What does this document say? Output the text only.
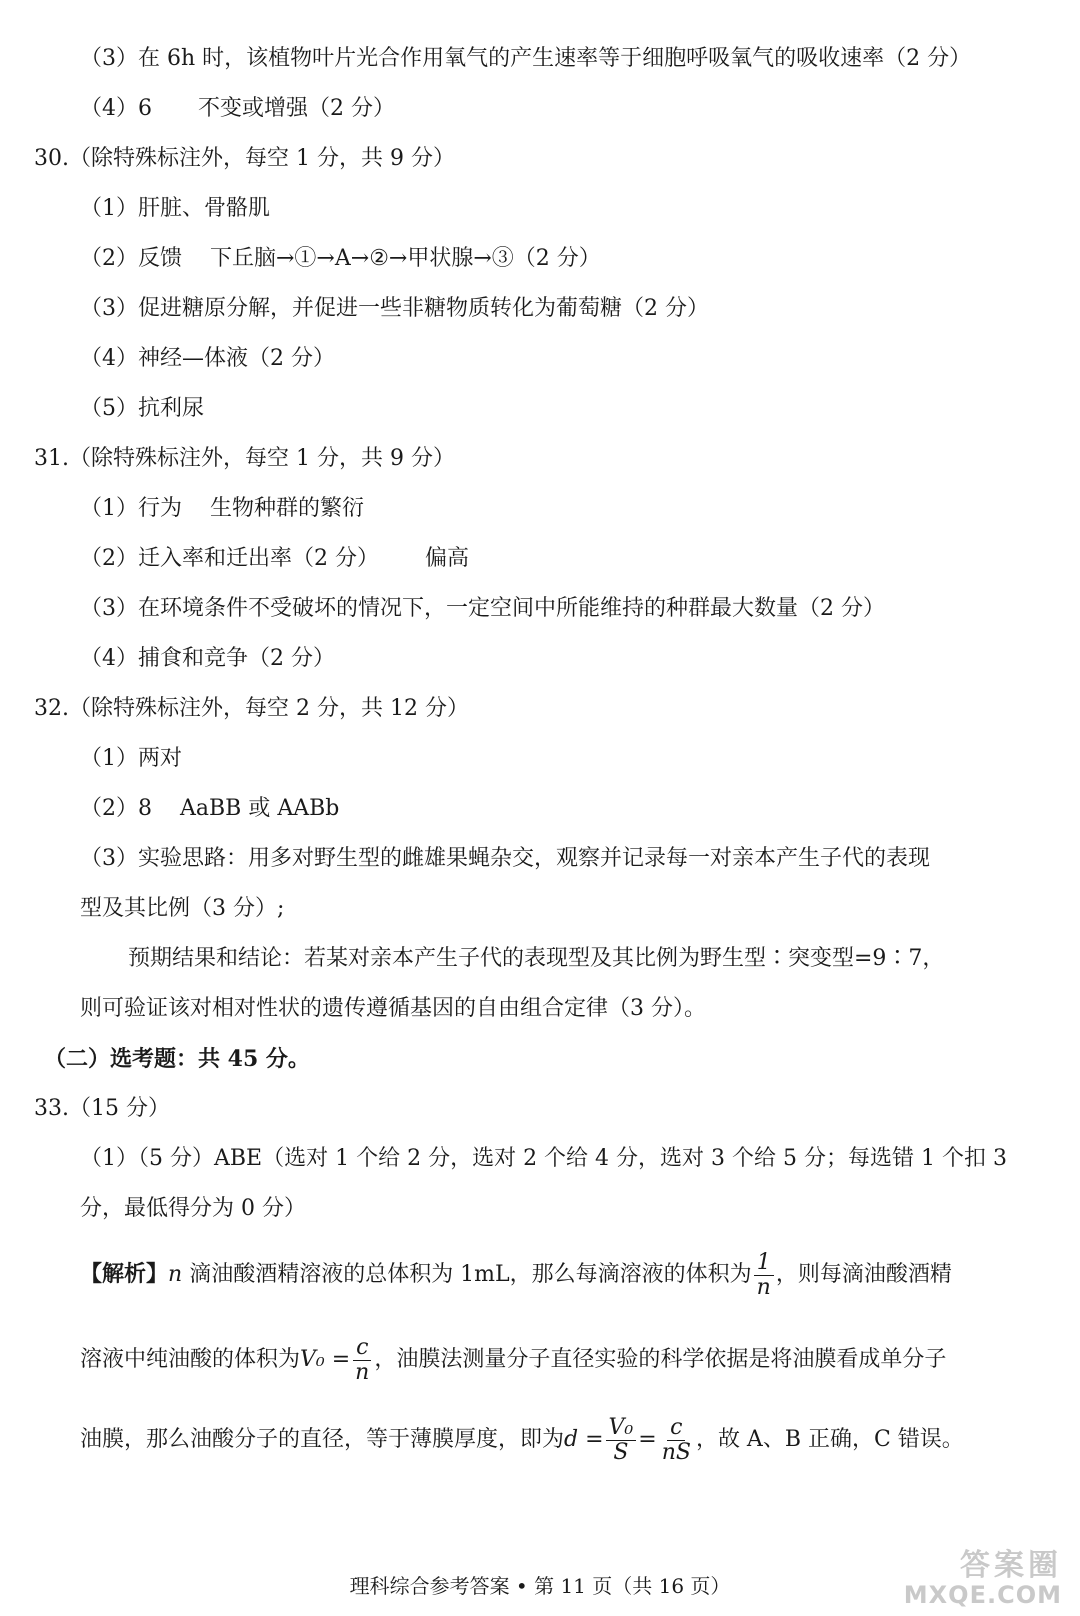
（3）在 6h 时，该植物叶片光合作用氧气的产生速率等于细胞呼吸氧气的吸收速率（2 分）
（4）6 不变或增强（2 分）
30.（除特殊标注外，每空 1 分，共 9 分）
（1）肝脏、骨骼肌
（2）反馈 下丘脑→①→A→②→甲状腺→③（2 分）
（3）促进糖原分解，并促进一些非糖物质转化为葡萄糖（2 分）
（4）神经—体液（2 分）
（5）抗利尿
31.（除特殊标注外，每空 1 分，共 9 分）
（1）行为 生物种群的繁衍
（2）迁入率和迁出率（2 分） 偏高
（3）在环境条件不受破坏的情况下，一定空间中所能维持的种群最大数量（2 分）
（4）捕食和竞争（2 分）
32.（除特殊标注外，每空 2 分，共 12 分）
（1）两对
（2）8 AaBB 或 AABb
（3）实验思路：用多对野生型的雌雄果蝇杂交，观察并记录每一对亲本产生子代的表现
型及其比例（3 分）;
预期结果和结论：若某对亲本产生子代的表现型及其比例为野生型∶突变型=9∶7，
则可验证该对相对性状的遗传遵循基因的自由组合定律（3 分）。
（二）选考题：共 45 分。
33.（15 分）
（1）（5 分）ABE（选对 1 个给 2 分，选对 2 个给 4 分，选对 3 个给 5 分；每选错 1 个扣 3
分，最低得分为 0 分）
【解析】n 滴油酸酒精溶液的总体积为 1mL，那么每滴溶液的体积为 $\frac{1}{n}$ ，则每滴油酸酒精
溶液中纯油酸的体积为$V_0 = \frac{c}{n}$ ，油膜法测量分子直径实验的科学依据是将油膜看成单分子
油膜，那么油酸分子的直径，等于薄膜厚度，即为$d = \frac{\text{V₀}}{S} = \frac{c}{nS}$ ，故 A、B 正确，C 错误。
理科综合参考答案 • 第 11 页（共 16 页）
答案圈
MXQE.COM
